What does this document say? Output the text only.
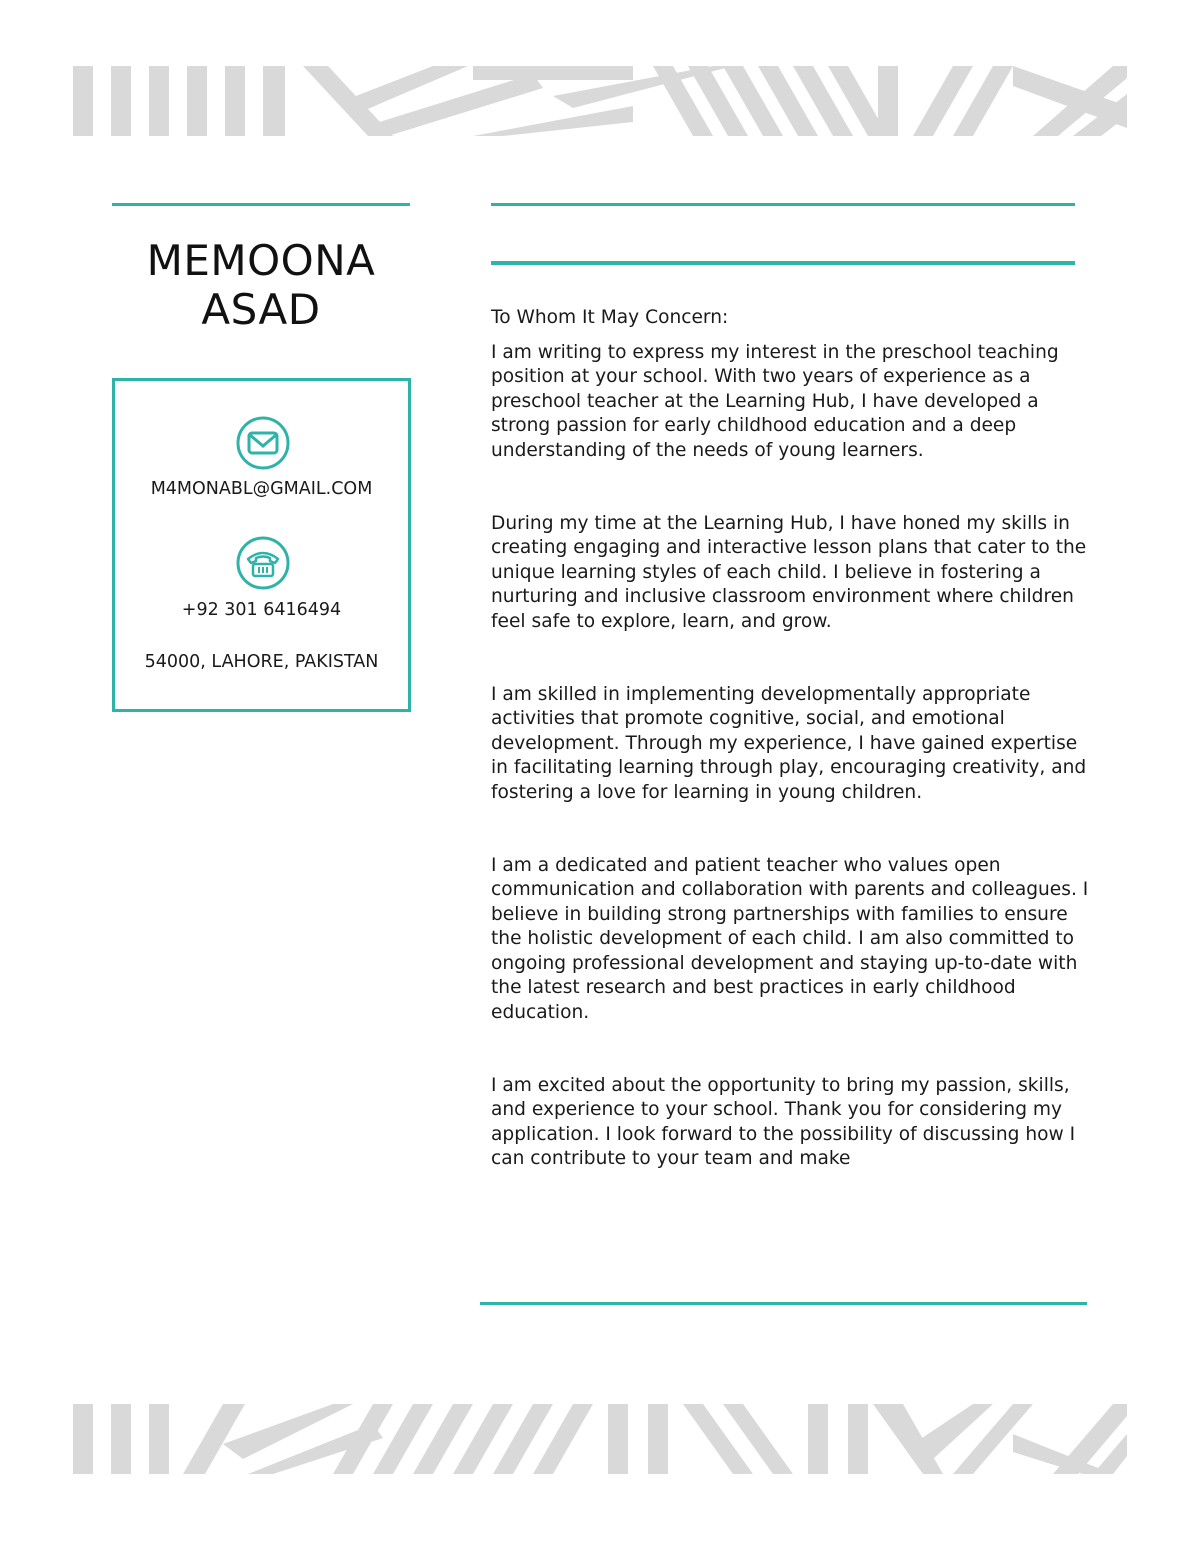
MEMOONA
ASAD
M4MONABL@GMAIL.COM
+92 301 6416494
54000, LAHORE, PAKISTAN

To Whom It May Concern:

I am writing to express my interest in the preschool teaching position at your school. With two years of experience as a preschool teacher at the Learning Hub, I have developed a strong passion for early childhood education and a deep understanding of the needs of young learners.

During my time at the Learning Hub, I have honed my skills in creating engaging and interactive lesson plans that cater to the unique learning styles of each child. I believe in fostering a nurturing and inclusive classroom environment where children feel safe to explore, learn, and grow.

I am skilled in implementing developmentally appropriate activities that promote cognitive, social, and emotional development. Through my experience, I have gained expertise in facilitating learning through play, encouraging creativity, and fostering a love for learning in young children.

I am a dedicated and patient teacher who values open communication and collaboration with parents and colleagues. I believe in building strong partnerships with families to ensure the holistic development of each child. I am also committed to ongoing professional development and staying up-to-date with the latest research and best practices in early childhood education.

I am excited about the opportunity to bring my passion, skills, and experience to your school. Thank you for considering my application. I look forward to the possibility of discussing how I can contribute to your team and make
